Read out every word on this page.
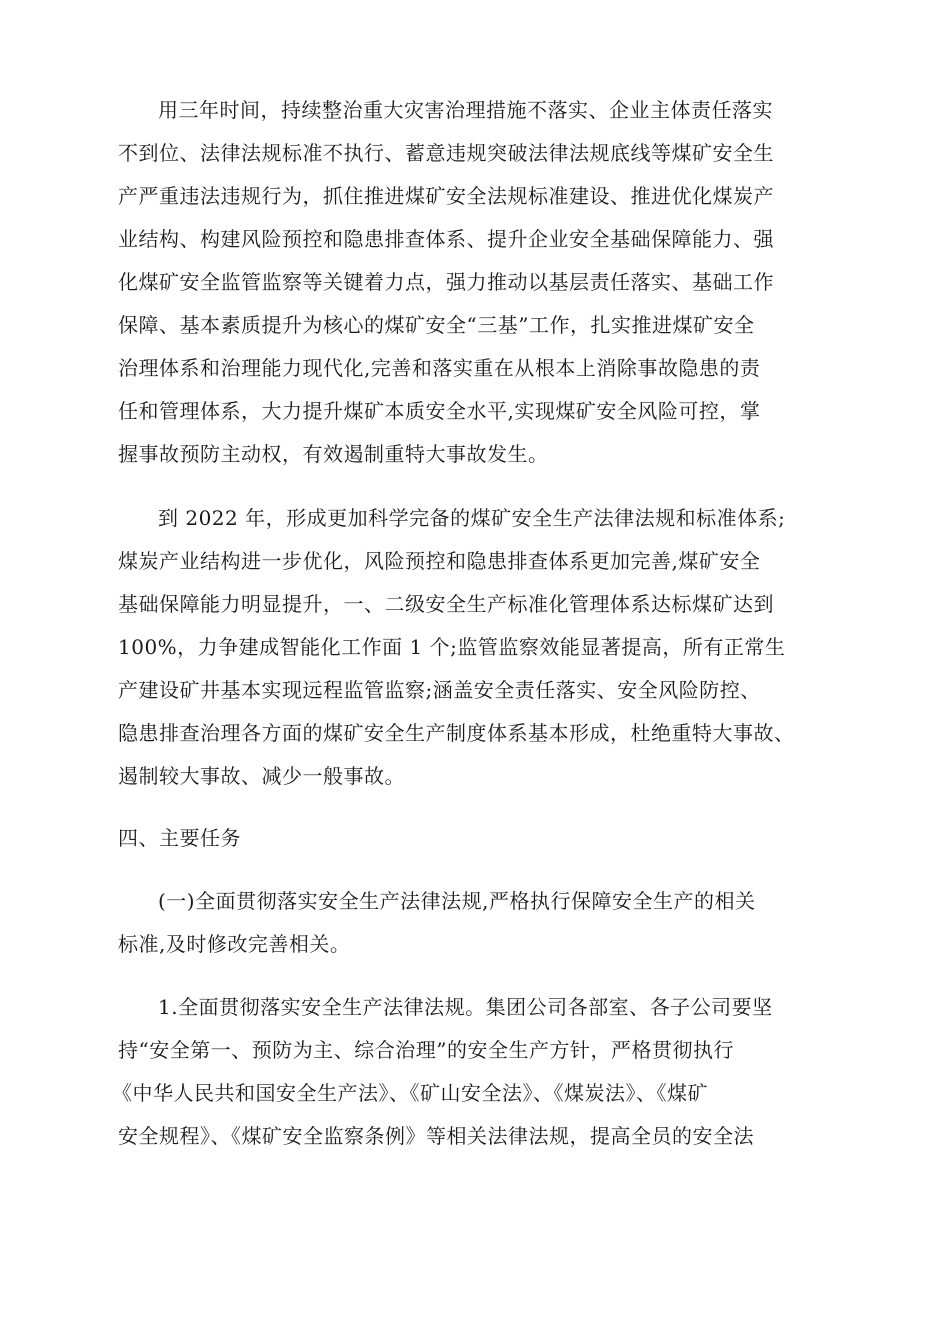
用三年时间，持续整治重大灾害治理措施不落实、企业主体责任落实
不到位、法律法规标准不执行、蓄意违规突破法律法规底线等煤矿安全生
产严重违法违规行为，抓住推进煤矿安全法规标准建设、推进优化煤炭产
业结构、构建风险预控和隐患排查体系、提升企业安全基础保障能力、强
化煤矿安全监管监察等关键着力点，强力推动以基层责任落实、基础工作
保障、基本素质提升为核心的煤矿安全“三基”工作，扎实推进煤矿安全
治理体系和治理能力现代化,完善和落实重在从根本上消除事故隐患的责
任和管理体系，大力提升煤矿本质安全水平,实现煤矿安全风险可控，掌
握事故预防主动权，有效遏制重特大事故发生。
到 2022 年，形成更加科学完备的煤矿安全生产法律法规和标准体系;
煤炭产业结构进一步优化，风险预控和隐患排查体系更加完善,煤矿安全
基础保障能力明显提升，一、二级安全生产标准化管理体系达标煤矿达到
100%，力争建成智能化工作面 1 个;监管监察效能显著提高，所有正常生
产建设矿井基本实现远程监管监察;涵盖安全责任落实、安全风险防控、
隐患排查治理各方面的煤矿安全生产制度体系基本形成，杜绝重特大事故、
遏制较大事故、减少一般事故。
四、主要任务
(一)全面贯彻落实安全生产法律法规,严格执行保障安全生产的相关
标准,及时修改完善相关。
1.全面贯彻落实安全生产法律法规。集团公司各部室、各子公司要坚
持“安全第一、预防为主、综合治理”的安全生产方针，严格贯彻执行
《中华人民共和国安全生产法》、《矿山安全法》、《煤炭法》、《煤矿
安全规程》、《煤矿安全监察条例》等相关法律法规，提高全员的安全法
